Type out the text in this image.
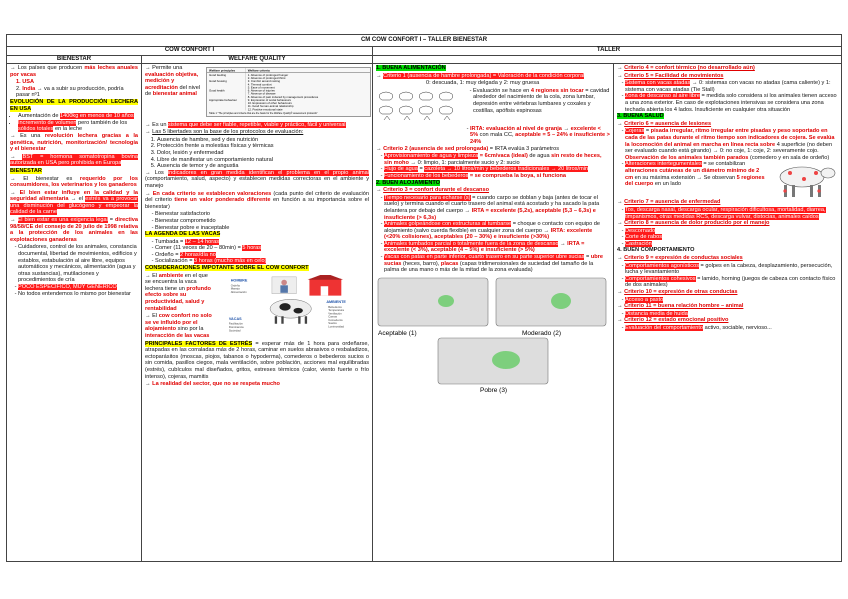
CM COW CONFORT I – TALLER BIENESTAR
COW CONFORT I	TALLER
BIENESTAR	WELFARE QUALITY

→ Los países que producen más leches anuales por vacas

1. USA
2. India → va a subir su producción, podría pasar nº1

EVOLUCIÓN DE LA PRODUCCIÓN LECHERA EN USA

• Aumentación de 1400kg en menos de 10 años
• Incremento de volumen pero también de los sólidos totales en la leche

→ Es una revolución lechera gracias a la genética, nutrición, monitorización/ tecnología y el bienestar

→ BST = hormona somatotropina bovina autorizada en USA pero prohibida en Europa

BIENESTAR

→ El bienestar es requerido por los consumidores, los veterinarios y los ganaderos

→ El bien estar influye en la calidad y la seguridad alimentaria → el estrés va a provocar una disminución del glucógeno y empeorar la calidad de la carne

→ El bien estar es una exigencia legal = directiva 98/58/CE del consejo de 20 julio de 1998 relativa a la protección de los animales en las explotaciones ganaderas

- Cuidadores, control de los animales, constancia documental, libertad de movimientos, edificios y establos, estabulación al aire libre, equipos automáticos y mecánicos, alimentación (agua y otras sustancias), mutilaciones y procedimientos de cría
- POCO ESPECÍFICO, MUY GENÉRICO
- No todos entendemos lo mismo por bienestar

→ Permite una evaluación objetiva, medición y acreditación del nivel de bienestar animal

Welfare principles	Welfare criteria
Good feeding	1. Absence of prolonged hunger
2. Absence of prolonged thirst
Good housing	3. Comfort around resting
4. Thermal comfort
5. Ease of movement
Good health	6. Absence of injuries
7. Absence of disease
8. Absence of pain induced by management procedures
Appropriate behaviour	9. Expression of social behaviours
10. Expression of other behaviours
11. Good human-animal relationship
12. Positive emotional state
Table 1 "The principles and criteria that are the basis for the Welfare Quality® assessment protocols"

→ Es un sistema que debe ser fiable, repetible, viable y práctico, fácil y universal

→ Las 5 libertades son la base de los protocolos de evaluación:

1. Ausencia de hambre, sed y des nutrición
2. Protección frente a molestias físicas y térmicas
3. Dolor, lesión y enfermedad
4. Libre de manifestar un comportamiento natural
5. Ausencia de temor y de angustia

→ Los indicadores en gran medida identifican el problema en el propio animal (comportamiento, salud, aspecto) y establecen medidas correctoras en el ambiente y manejo

→ En cada criterio se establecen valoraciones (cada punto del criterio de evaluación del criterio tiene un valor ponderado diferente en función a su importancia sobre el bienestar)

- Bienestar satisfactorio
- Bienestar comprometido
- Bienestar pobre e inaceptable

LA AGENDA DE LAS VACAS

- Tumbada = 12 – 14 horas
- Comer (11 veces de 20 – 80min) = 5 horas
- Ordeño = 2 horas/día no
- Socialización = 3 horas (mucho más en celo)

CONSIDERACIONES IMPOTANTE SOBRE EL COW CONFORT

→ El ambiente en el que se encuentra la vaca lechera tiene un profundo efecto sobre su productividad, salud y rentabilidad

→ El cow confort no solo se ve influido por el alojamiento sino por la interacción de las vacas

HOMBRE
Ordeño Manejo Alimentación
AMBIENTE
Bebederos Temperatura Ventilación Camas Comederos Suelos Luminosidad
VACAS
Facilitación Dominancia Sociedad

PRINCIPALES FACTORES DE ESTRÉS = esperar más de 1 hora para ordeñarse, atrapadas en las corraladas más de 2 horas, caminar en suelos abrasivos o resbaladizos, ectoparásitos (moscas, piojos, tabanos o hypoderma), comederos o bebederos sucios o sin comida, pasillos ciegos, mala ventilación, sobre población, acciones mal equilibradas (estrés), cubículos mal diseñados, gritos, estreses térmicos (calor, viento fuerte o frío intenso), cojeras, mamitis

→ La realidad del sector, que no se respeta mucho

1. BUENA ALIMENTACIÓN

→ Criterio 1 (ausencia de hambre prolongada) = Valoración de la condición corporal

0: descuada, 1: muy delgada y 2: muy gruesa

- Evaluación se hace en 4 regiones sin tocar = cavidad alrededor del nacimiento de la cola, zona lumbar, depresión entre vértebras lumbares y coxales y costillas, apófisis espinosas
- IRTA: evaluación al nivel de granja → excelente < 5% con mala CC, aceptable = 5 – 24% e insuficiente > 24%

→ Criterio 2 (ausencia de sed prolongada) = IRTA evalúa 3 parámetros

- Aprovisionamiento de agua y limpieza = 6cm/vaca (ideal) de agua sin resto de heces, sin moho → 0: limpio, 1: parcialmente sucio y 2: sucio
- Flujo de agua = cazoleta → 10 litros/min y bebederos tradicionales → 20 litros/min
- Funcionamiento de los bebederos = se comprueba la boya, si funciona

2. BUEN ALOJAMIENTO

→ Criterio 3 = confort durante el descanso

- Tiempo necesario para echarse (s) = cuando carpo se doblan y baja (antes de tocar el suelo) y termina cuando el cuarto trasero del animal está acostado y ha sacado la pata delantera por debajo del cuerpo → IRTA = excelente (5,2s), aceptable (5,3 – 6,3s) e insuficiente (> 6,3s)
- Animales golpeándose con estructuras al tumbarse = choque o contacto con equipo de alojamiento (salvo cuerda flexible) en cualquier zona del cuerpo → IRTA: excelente (<20% colisiones), aceptables (20 – 30%) e insuficiente (>30%)
- Animales tumbados parcial o totalmente fuera de la zona de descanso → IRTA = excelente (< 3%), aceptable (4 – 5%) e insuficiente (> 5%)
- Vacas con patas en parte inferior, cuarto trasero en su parte superior ubre sucias = ubre sucias (heces, barro), placas (capas tridimensionales de suciedad del tamaño de la palma de una mano o más de la mitad de la zona evaluada)
Aceptable (1)	Moderado (2)
Pobre (3)

→ Criterio 4 = confort térmico (no desarrollado aún)

→ Criterio 5 = Facilidad de movimientos

- Sistema con vacas atadas → 0: sistemas con vacas no atadas (cama caliente) y 1: sistema con vacas atadas (Tie Stall)
- Zona de descanso al aire libre = medida solo considera si los animales tienen acceso a una zona exterior. En caso de explotaciones intensivas se considera una zona techada abierta los 4 lados. Insuficiente en cualquier otra situación

3. BUENA SALUD

→ Criterio 6 = ausencia de lesiones

- Cojeras = pisada irregular, ritmo irregular entre pisadas y peso soportado en cada de las patas durante el ritmo tiempo son indicadores de cojera. Se evalúa la locomoción del animal en marcha en línea recta sobre 4 superficie (no deben ser evaluado cuando está girando) → 0: no coje, 1: coje, 2: severamente cojo. Observación de los animales también parados (comedero y en sala de ordeño)
- Alteraciones intertegumentales = se contabilizan alteraciones cutáneas de un diámetro mínimo de 2 cm en su máxima extensión → Se observan 5 regiones del cuerpo en un lado

→ Criterio 7 = ausencia de enfermedad

- Tos, descarga nasal, descarga ocular, respiración dificultosa, mortalidad, diarrea, timpanismos, otras medidas RCS, descarga vulvar, distocias, animales caídos

→ Criterio 8 = ausencia de dolor producido por el manejo

- Descornado
- Corte de rabos
- Castración

4. BUEN COMPORTAMIENTO

→ Criterio 9 = expresión de conductas sociales

- Comportamientos agonísticos = golpes en la cabeza, desplazamiento, persecución, lucha y levantamiento
- Comportamientos cohesivos = lamido, horning (juegos de cabeza con contacto físico de dos animales)

→ Criterio 10 = expresión de otras conductas

- Acceso a pasto

→ Criterio 11 = buena relación hombre – animal

- Distancia media de huida

→ Criterio 12 = estado emocional positivo

- Evaluación del comportamiento activo, sociable, nervioso...
